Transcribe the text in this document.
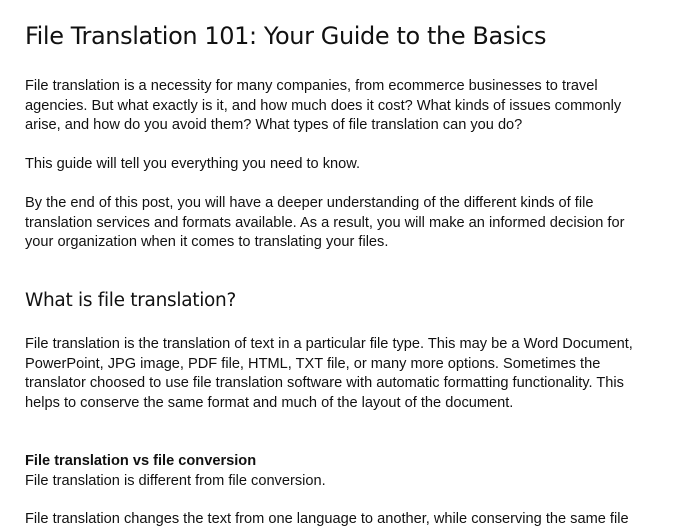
File Translation 101: Your Guide to the Basics
File translation is a necessity for many companies, from ecommerce businesses to travel
agencies. But what exactly is it, and how much does it cost? What kinds of issues commonly
arise, and how do you avoid them? What types of file translation can you do?
This guide will tell you everything you need to know.
By the end of this post, you will have a deeper understanding of the different kinds of file
translation services and formats available. As a result, you will make an informed decision for
your organization when it comes to translating your files.
What is file translation?
File translation is the translation of text in a particular file type. This may be a Word Document,
PowerPoint, JPG image, PDF file, HTML, TXT file, or many more options. Sometimes the
translator choosed to use file translation software with automatic formatting functionality. This
helps to conserve the same format and much of the layout of the document.
File translation vs file conversion
File translation is different from file conversion.
File translation changes the text from one language to another, while conserving the same file
